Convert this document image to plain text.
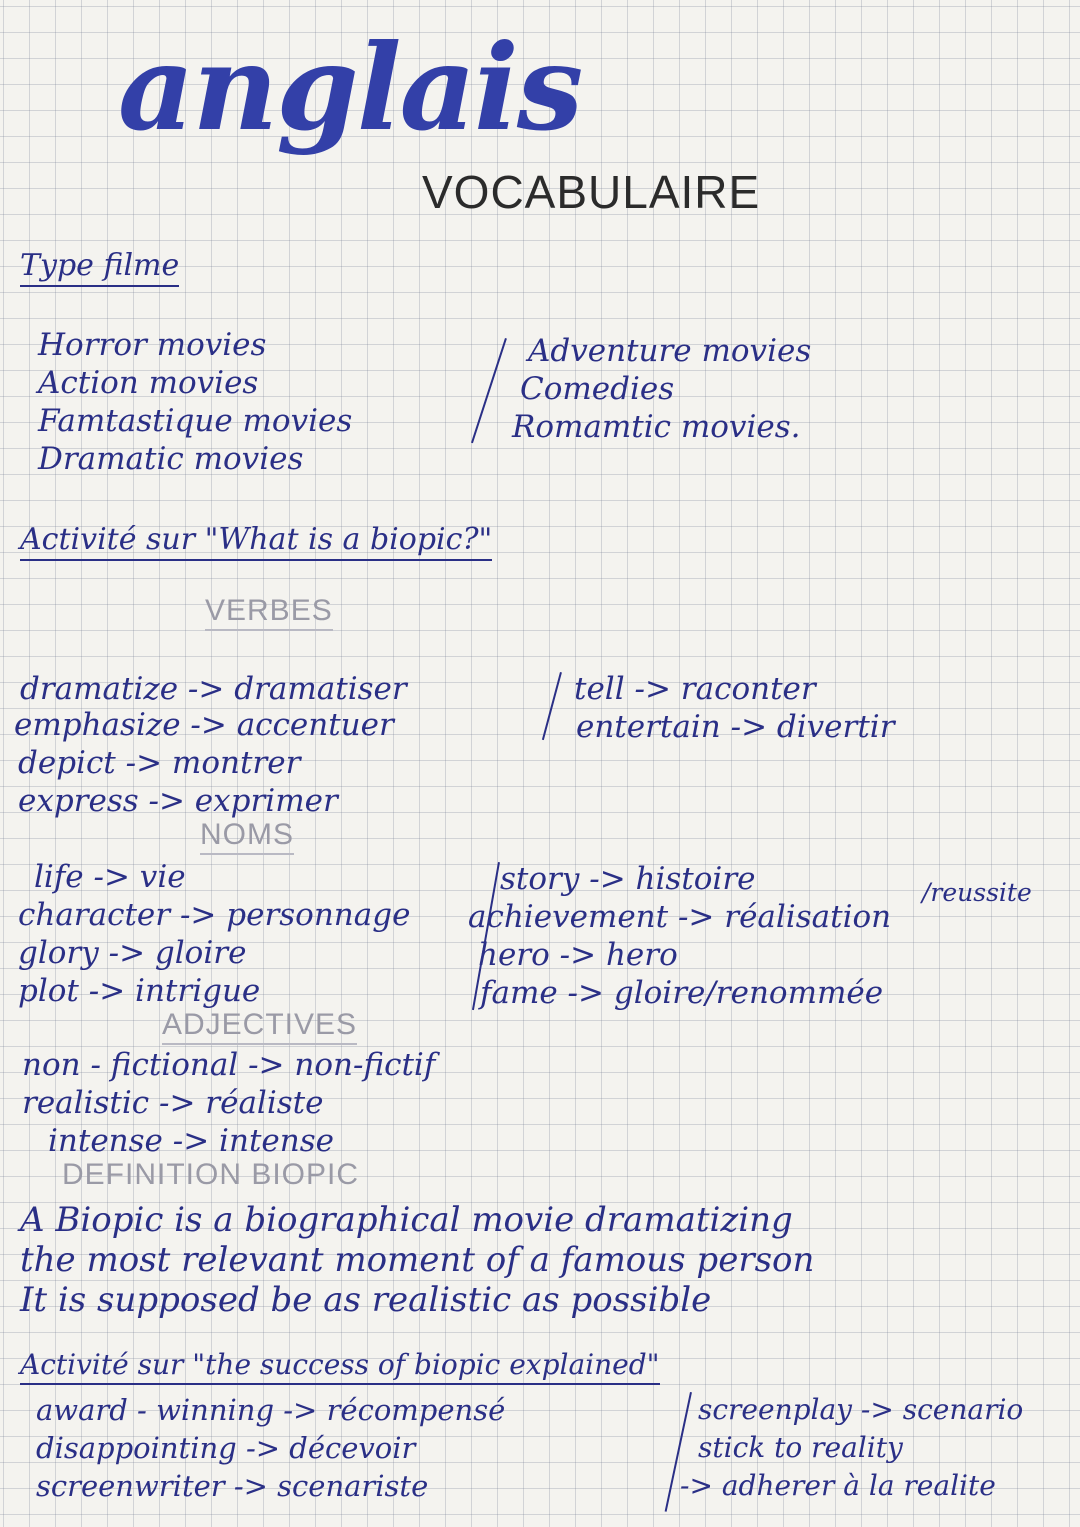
anglais
VOCABULAIRE
Type filme
Horror movies
Action movies
Famtastique movies
Dramatic movies
Adventure movies
Comedies
Romamtic movies.
Activité sur "What is a biopic?"
VERBES
dramatize -> dramatiser
emphasize -> accentuer
depict -> montrer
express -> exprimer
tell -> raconter
entertain -> divertir
NOMS
life -> vie
character -> personnage
glory -> gloire
plot -> intrigue
story -> histoire
achievement -> réalisation
hero -> hero
fame -> gloire/renommée
/reussite
ADJECTIVES
non - fictional -> non-fictif
realistic -> réaliste
intense -> intense
DEFINITION BIOPIC
A Biopic is a biographical movie dramatizing
the most relevant moment of a famous person
It is supposed be as realistic as possible
Activité sur "the success of biopic explained"
award - winning -> récompensé
disappointing -> décevoir
screenwriter -> scenariste
screenplay -> scenario
stick to reality
-> adherer à la realite
